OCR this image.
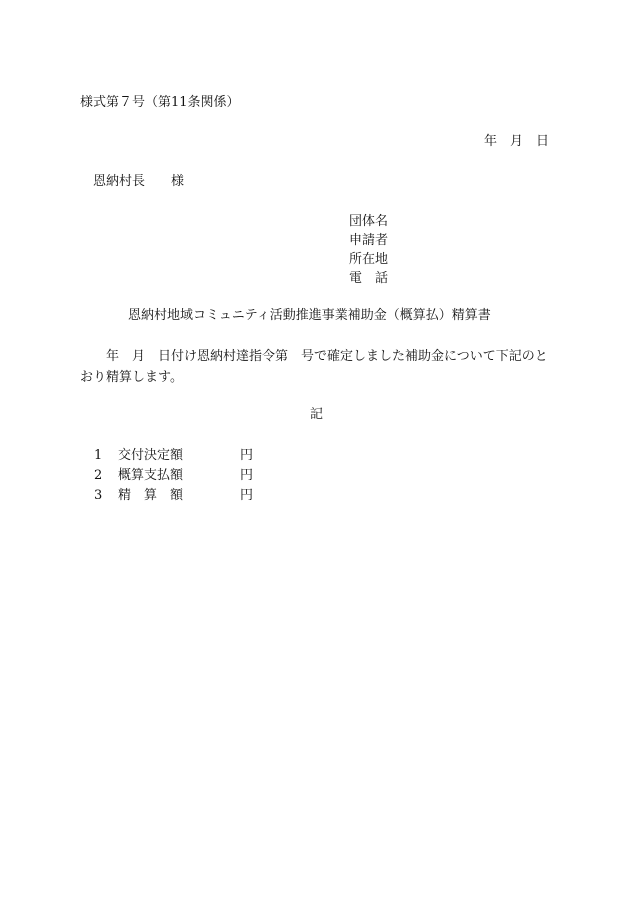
様式第７号（第11条関係）
年　月　日
恩納村長　　様
団体名
申請者
所在地
電　話
恩納村地域コミュニティ活動推進事業補助金（概算払）精算書
年　月　日付け恩納村達指令第　号で確定しました補助金について下記のとおり精算します。
記
1	交付決定額	円
2	概算支払額	円
3	精　算　額	円
